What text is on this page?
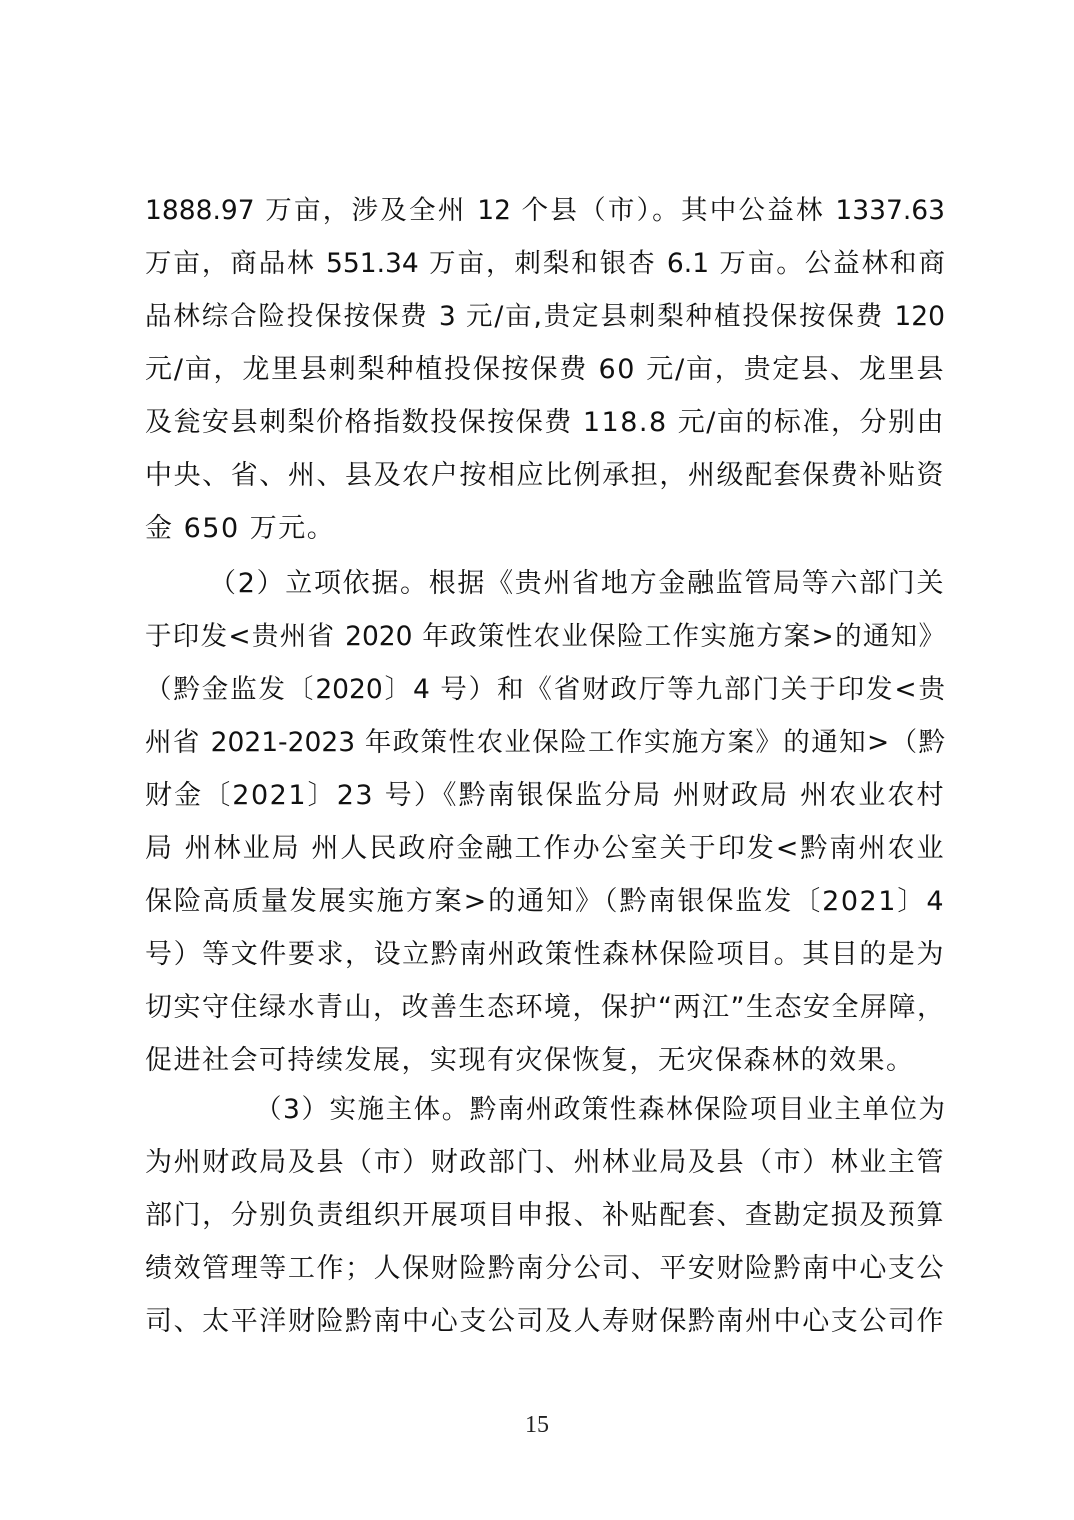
1888.97 万亩，涉及全州 12 个县（市）。其中公益林 1337.63
万亩，商品林 551.34 万亩，刺梨和银杏 6.1 万亩。公益林和商
品林综合险投保按保费 3 元/亩,贵定县刺梨种植投保按保费 120
元/亩，龙里县刺梨种植投保按保费 60 元/亩，贵定县、龙里县
及瓮安县刺梨价格指数投保按保费 118.8 元/亩的标准，分别由
中央、省、州、县及农户按相应比例承担，州级配套保费补贴资
金 650 万元。
（2）立项依据。根据《贵州省地方金融监管局等六部门关
于印发<贵州省 2020 年政策性农业保险工作实施方案>的通知》
（黔金监发〔2020〕4 号）和《省财政厅等九部门关于印发<贵
州省 2021-2023 年政策性农业保险工作实施方案》的通知>（黔
财金〔2021〕23 号）《黔南银保监分局 州财政局 州农业农村
局 州林业局 州人民政府金融工作办公室关于印发<黔南州农业
保险高质量发展实施方案>的通知》（黔南银保监发〔2021〕4
号）等文件要求，设立黔南州政策性森林保险项目。其目的是为
切实守住绿水青山，改善生态环境，保护“两江”生态安全屏障，
促进社会可持续发展，实现有灾保恢复，无灾保森林的效果。
（3）实施主体。黔南州政策性森林保险项目业主单位为
为州财政局及县（市）财政部门、州林业局及县（市）林业主管
部门，分别负责组织开展项目申报、补贴配套、查勘定损及预算
绩效管理等工作；人保财险黔南分公司、平安财险黔南中心支公
司、太平洋财险黔南中心支公司及人寿财保黔南州中心支公司作
15
